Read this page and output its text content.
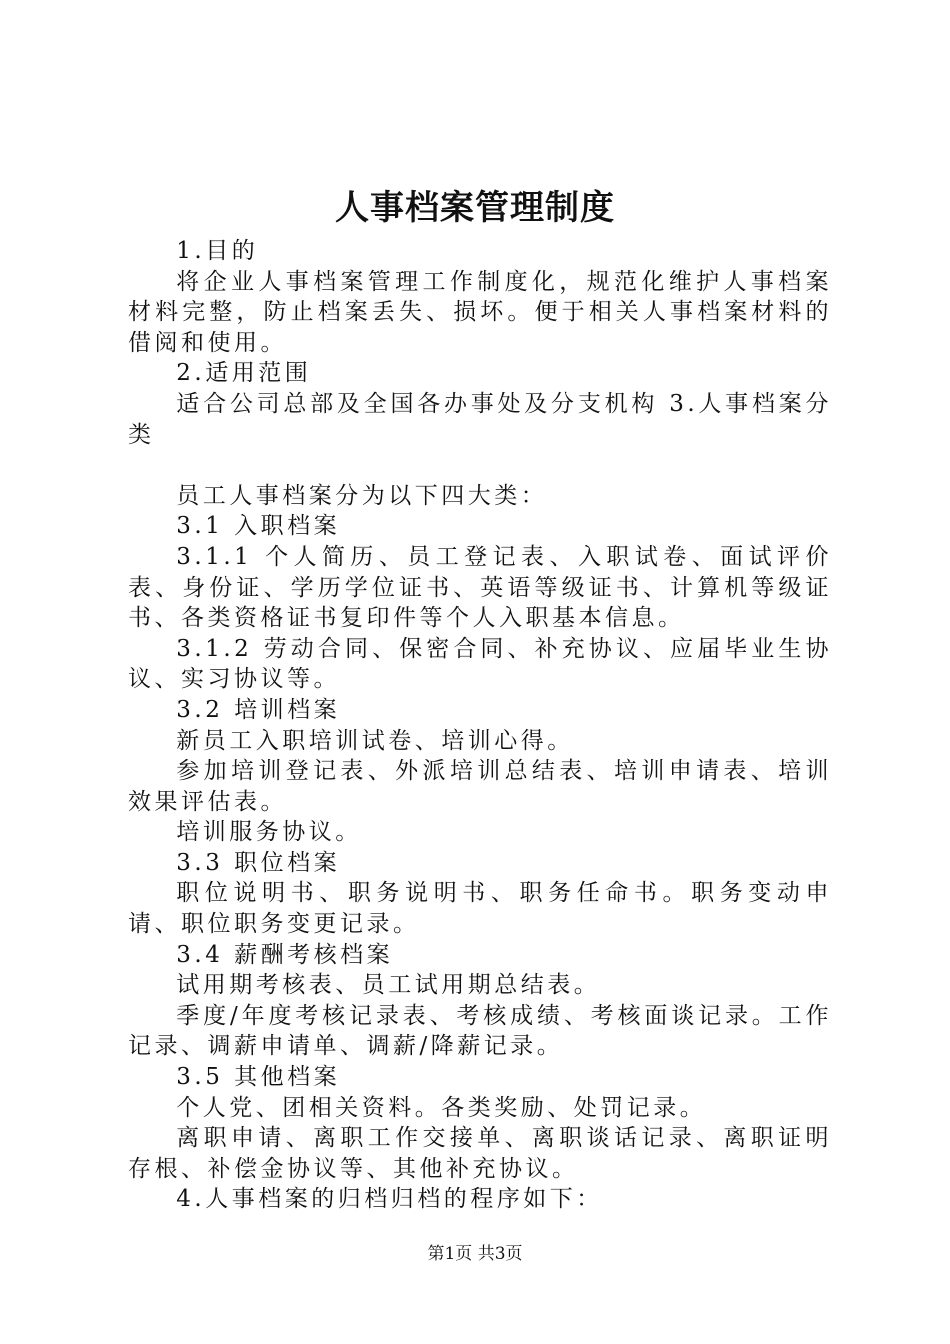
人事档案管理制度

1.目的

将企业人事档案管理工作制度化，规范化维护人事档案材料完整，防止档案丢失、损坏。便于相关人事档案材料的借阅和使用。

2.适用范围

适合公司总部及全国各办事处及分支机构 3.人事档案分类

员工人事档案分为以下四大类：

3.1 入职档案

3.1.1 个人简历、员工登记表、入职试卷、面试评价表、身份证、学历学位证书、英语等级证书、计算机等级证书、各类资格证书复印件等个人入职基本信息。

3.1.2 劳动合同、保密合同、补充协议、应届毕业生协议、实习协议等。

3.2 培训档案

新员工入职培训试卷、培训心得。

参加培训登记表、外派培训总结表、培训申请表、培训效果评估表。

培训服务协议。

3.3 职位档案

职位说明书、职务说明书、职务任命书。职务变动申请、职位职务变更记录。

3.4 薪酬考核档案

试用期考核表、员工试用期总结表。

季度/年度考核记录表、考核成绩、考核面谈记录。工作记录、调薪申请单、调薪/降薪记录。

3.5 其他档案

个人党、团相关资料。各类奖励、处罚记录。

离职申请、离职工作交接单、离职谈话记录、离职证明存根、补偿金协议等、其他补充协议。

4.人事档案的归档归档的程序如下：

第1页 共3页
